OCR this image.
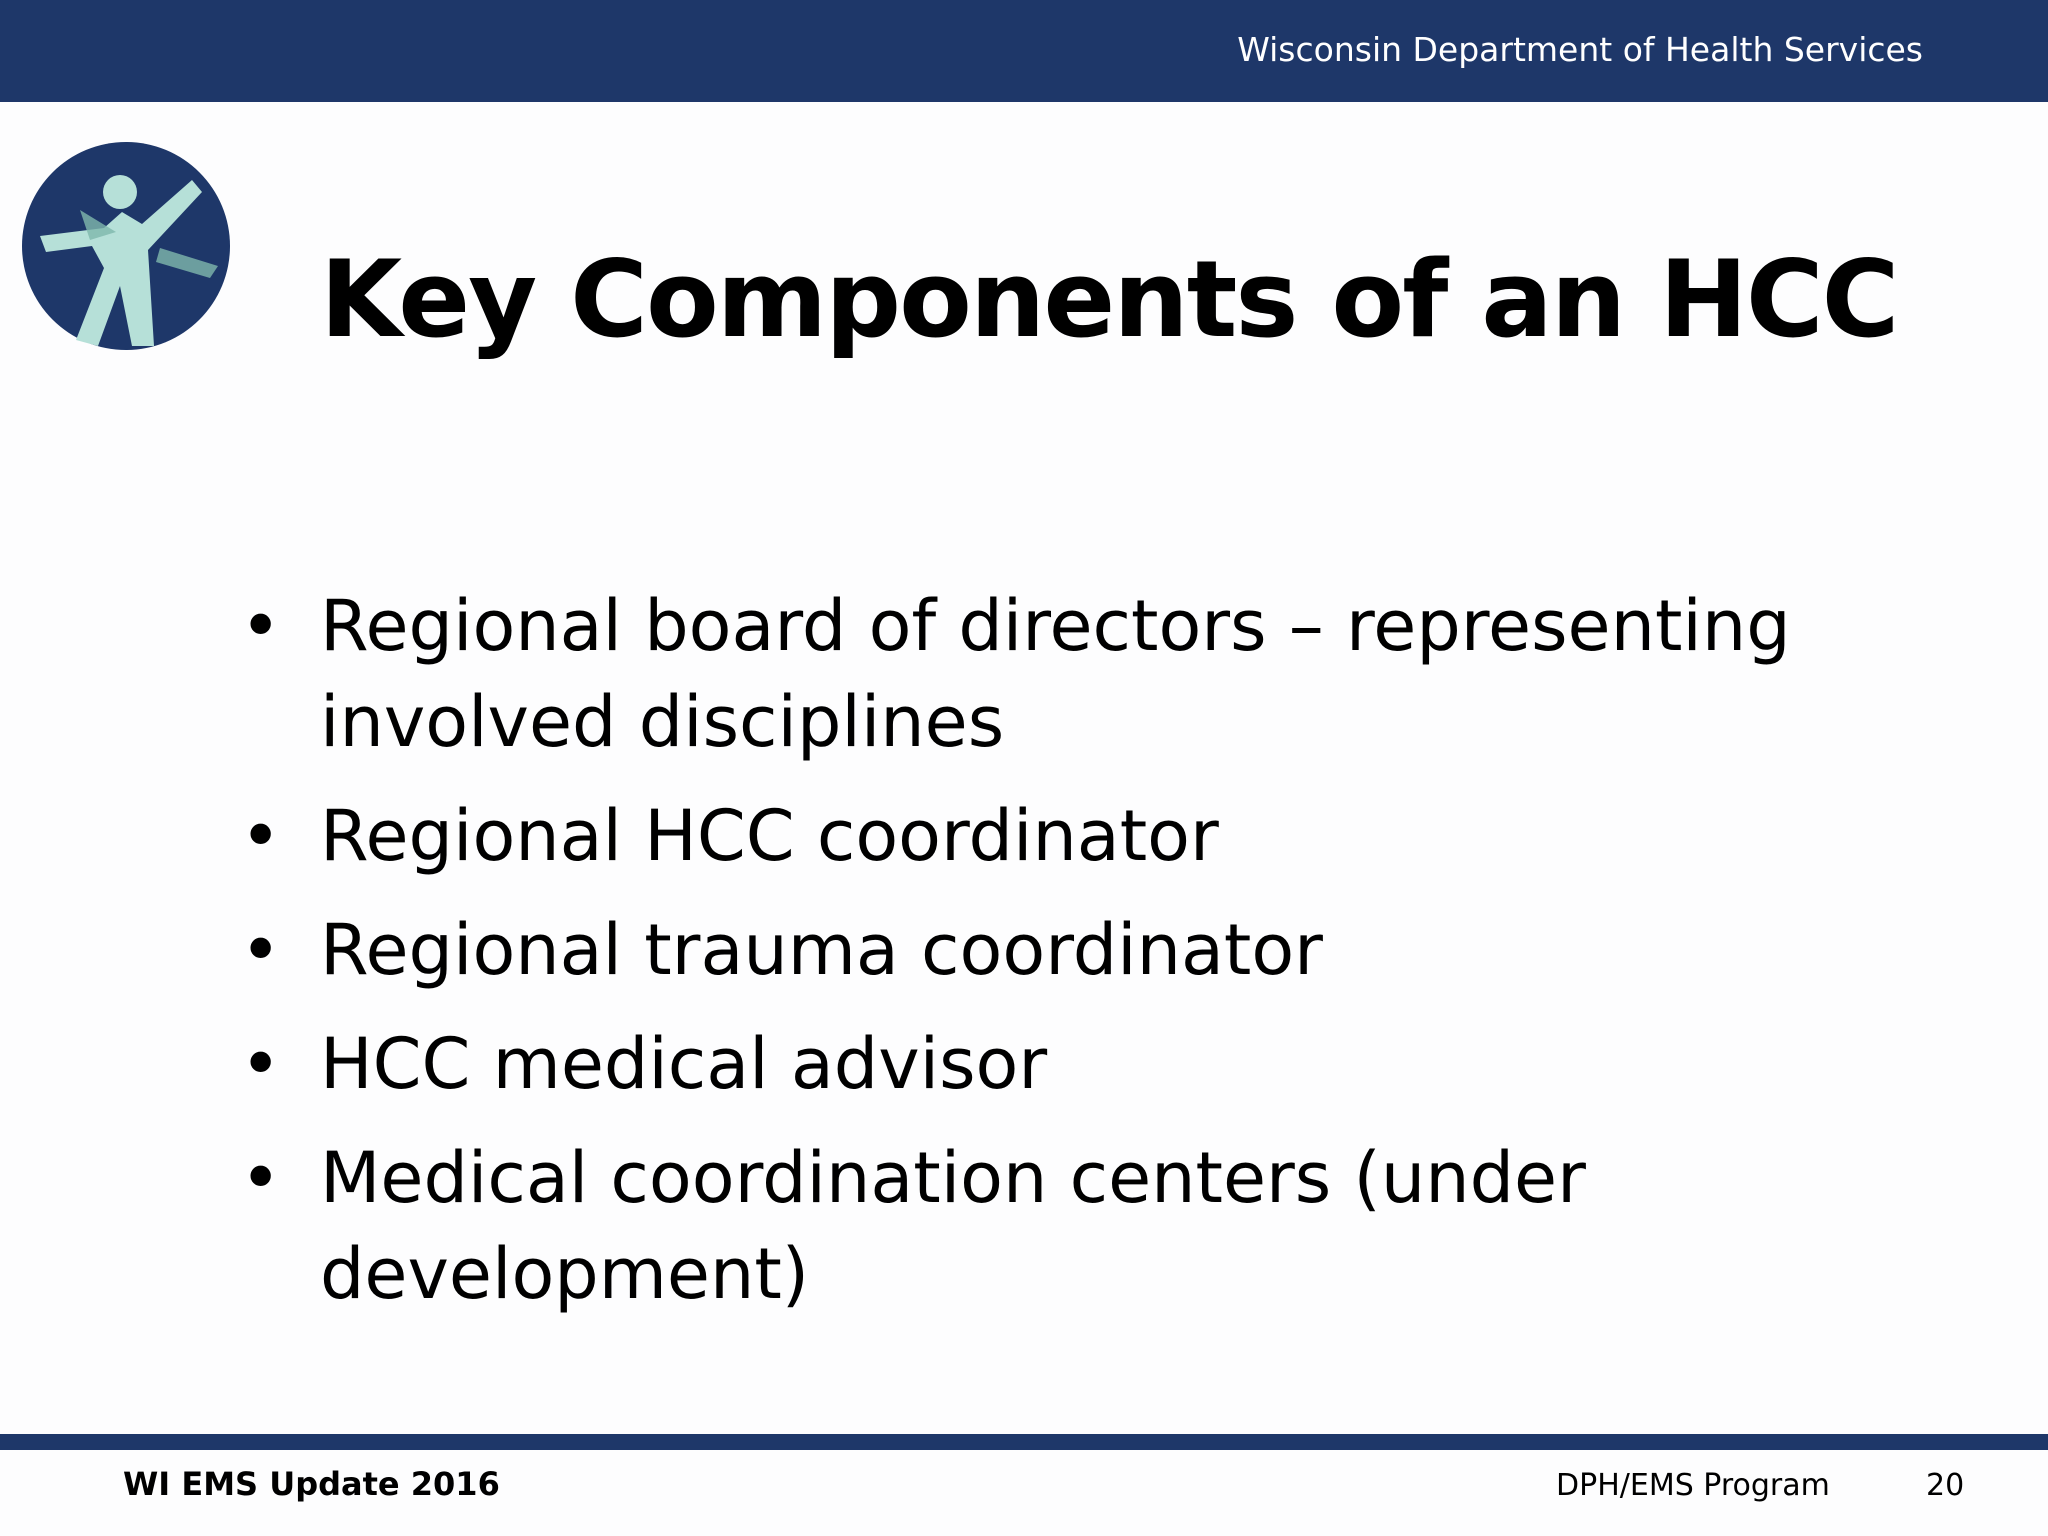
Wisconsin Department of Health Services
Key Components of an HCC
• Regional board of directors – representing involved disciplines
• Regional HCC coordinator
• Regional trauma coordinator
• HCC medical advisor
• Medical coordination centers (under development)
WI EMS Update 2016	DPH/EMS Program	20
